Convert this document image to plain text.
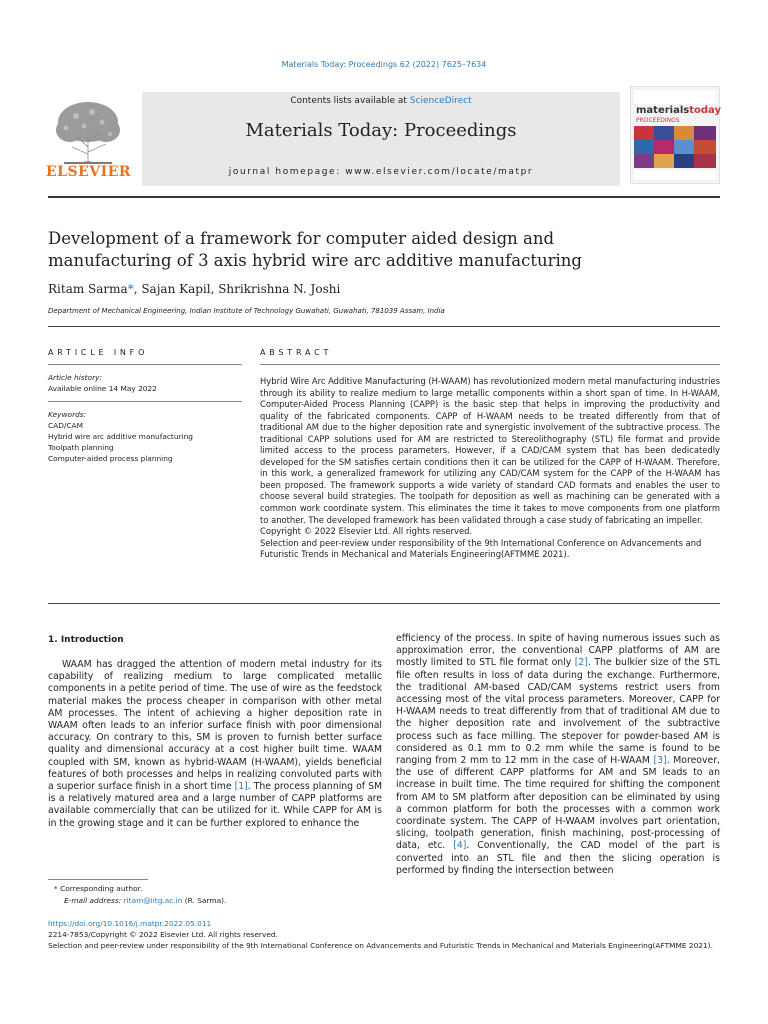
Materials Today: Proceedings 62 (2022) 7625–7634
ELSEVIER
Contents lists available at ScienceDirect
Materials Today: Proceedings
journal homepage: www.elsevier.com/locate/matpr
materialstoday
PROCEEDINGS
Development of a framework for computer aided design and manufacturing of 3 axis hybrid wire arc additive manufacturing
Ritam Sarma*, Sajan Kapil, Shrikrishna N. Joshi
Department of Mechanical Engineering, Indian Institute of Technology Guwahati, Guwahati, 781039 Assam, India
ARTICLE INFO
Article history:
Available online 14 May 2022
Keywords:
CAD/CAM
Hybrid wire arc additive manufacturing
Toolpath planning
Computer-aided process planning
ABSTRACT
Hybrid Wire Arc Additive Manufacturing (H-WAAM) has revolutionized modern metal manufacturing industries through its ability to realize medium to large metallic components within a short span of time. In H-WAAM, Computer-Aided Process Planning (CAPP) is the basic step that helps in improving the productivity and quality of the fabricated components. CAPP of H-WAAM needs to be treated differently from that of traditional AM due to the higher deposition rate and synergistic involvement of the subtractive process. The traditional CAPP solutions used for AM are restricted to Stereolithography (STL) file format and provide limited access to the process parameters. However, if a CAD/CAM system that has been dedicatedly developed for the SM satisfies certain conditions then it can be utilized for the CAPP of H-WAAM. Therefore, in this work, a generalized framework for utilizing any CAD/CAM system for the CAPP of the H-WAAM has been proposed. The framework supports a wide variety of standard CAD formats and enables the user to choose several build strategies. The toolpath for deposition as well as machining can be generated with a common work coordinate system. This eliminates the time it takes to move components from one platform to another. The developed framework has been validated through a case study of fabricating an impeller.
Copyright © 2022 Elsevier Ltd. All rights reserved.
Selection and peer-review under responsibility of the 9th International Conference on Advancements and Futuristic Trends in Mechanical and Materials Engineering(AFTMME 2021).
1. Introduction
WAAM has dragged the attention of modern metal industry for its capability of realizing medium to large complicated metallic components in a petite period of time. The use of wire as the feedstock material makes the process cheaper in comparison with other metal AM processes. The intent of achieving a higher deposition rate in WAAM often leads to an inferior surface finish with poor dimensional accuracy. On contrary to this, SM is proven to furnish better surface quality and dimensional accuracy at a cost higher built time. WAAM coupled with SM, known as hybrid-WAAM (H-WAAM), yields beneficial features of both processes and helps in realizing convoluted parts with a superior surface finish in a short time [1]. The process planning of SM is a relatively matured area and a large number of CAPP platforms are available commercially that can be utilized for it. While CAPP for AM is in the growing stage and it can be further explored to enhance the
efficiency of the process. In spite of having numerous issues such as approximation error, the conventional CAPP platforms of AM are mostly limited to STL file format only [2]. The bulkier size of the STL file often results in loss of data during the exchange. Furthermore, the traditional AM-based CAD/CAM systems restrict users from accessing most of the vital process parameters. Moreover, CAPP for H-WAAM needs to treat differently from that of traditional AM due to the higher deposition rate and involvement of the subtractive process such as face milling. The stepover for powder-based AM is considered as 0.1 mm to 0.2 mm while the same is found to be ranging from 2 mm to 12 mm in the case of H-WAAM [3]. Moreover, the use of different CAPP platforms for AM and SM leads to an increase in built time. The time required for shifting the component from AM to SM platform after deposition can be eliminated by using a common platform for both the processes with a common work coordinate system. The CAPP of H-WAAM involves part orientation, slicing, toolpath generation, finish machining, post-processing of data, etc. [4]. Conventionally, the CAD model of the part is converted into an STL file and then the slicing operation is performed by finding the intersection between
* Corresponding author.
E-mail address: ritam@iitg.ac.in (R. Sarma).
https://doi.org/10.1016/j.matpr.2022.05.011
2214-7853/Copyright © 2022 Elsevier Ltd. All rights reserved.
Selection and peer-review under responsibility of the 9th International Conference on Advancements and Futuristic Trends in Mechanical and Materials Engineering(AFTMME 2021).
